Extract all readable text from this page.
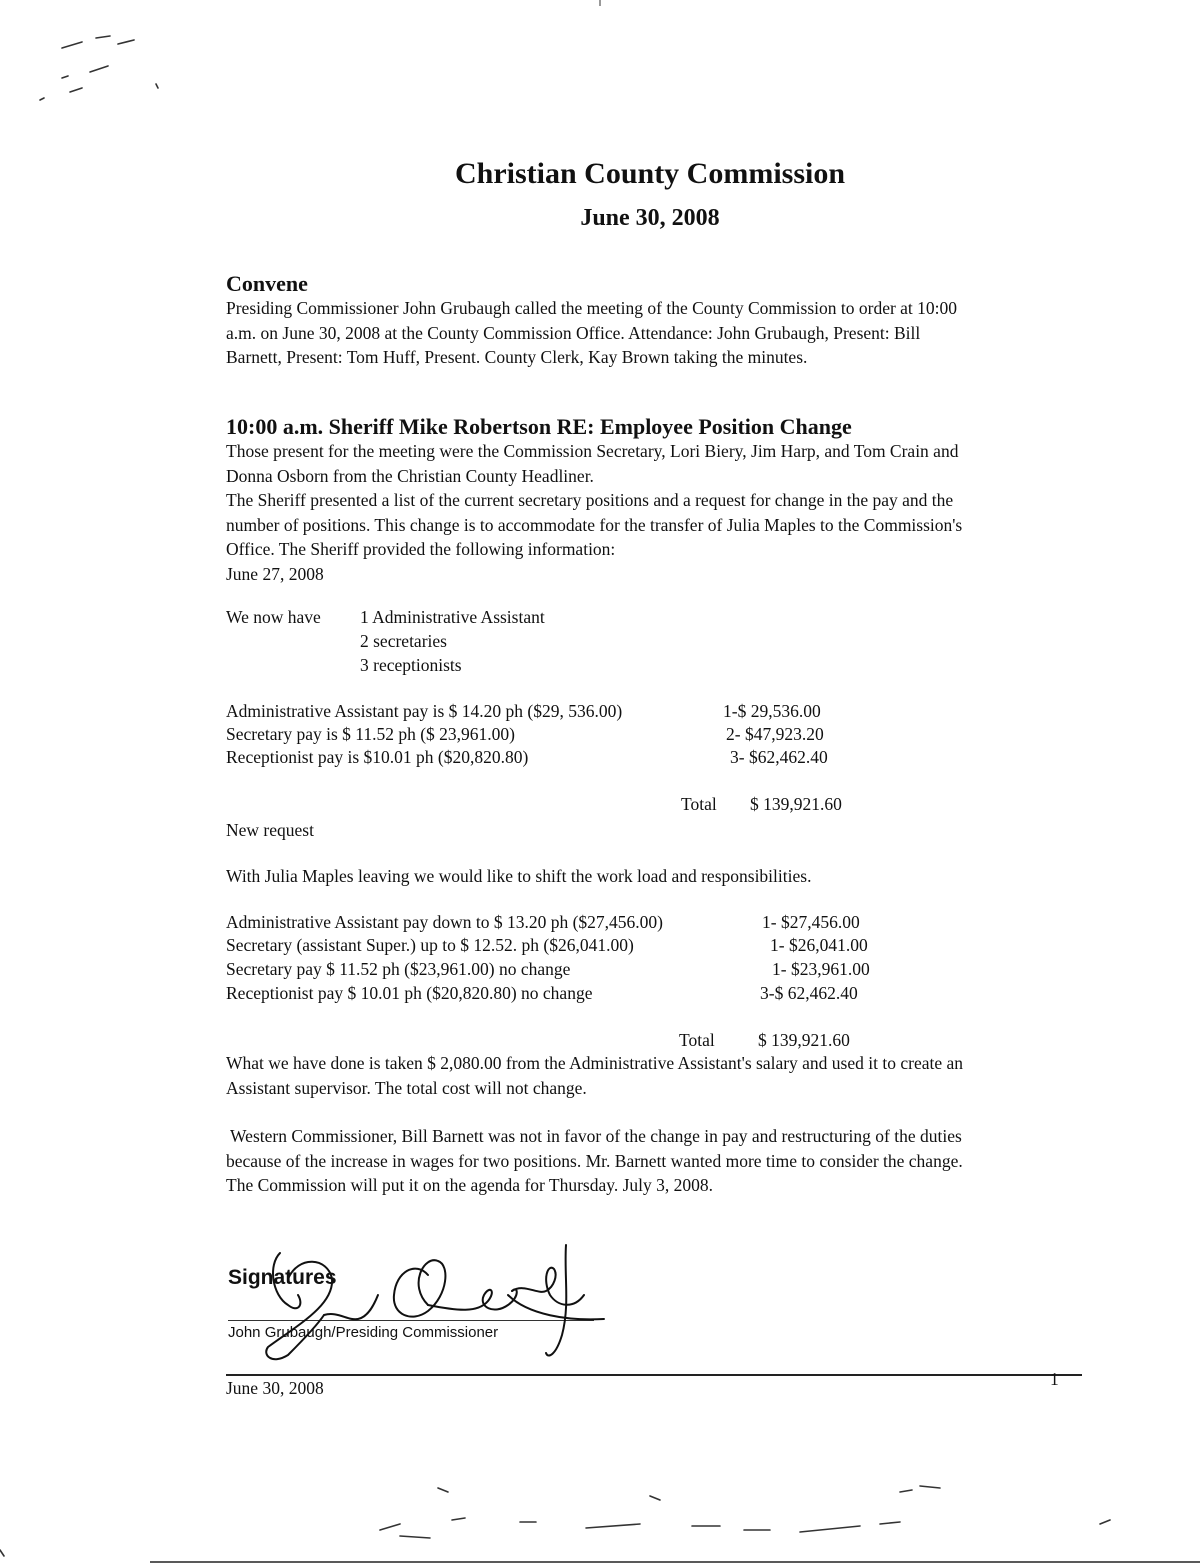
Christian County Commission
June 30, 2008
Convene
Presiding Commissioner John Grubaugh called the meeting of the County Commission to order at 10:00
a.m. on June 30, 2008 at the County Commission Office. Attendance: John Grubaugh, Present: Bill
Barnett, Present: Tom Huff, Present. County Clerk, Kay Brown taking the minutes.
10:00 a.m. Sheriff Mike Robertson RE: Employee Position Change
Those present for the meeting were the Commission Secretary, Lori Biery, Jim Harp, and Tom Crain and
Donna Osborn from the Christian County Headliner.
The Sheriff presented a list of the current secretary positions and a request for change in the pay and the
number of positions. This change is to accommodate for the transfer of Julia Maples to the Commission's
Office. The Sheriff provided the following information:
June 27, 2008
We now have 1 Administrative Assistant
2 secretaries
3 receptionists
Administrative Assistant pay is $ 14.20 ph ($29, 536.00)	1-$ 29,536.00
Secretary pay is $ 11.52 ph ($ 23,961.00)	2- $47,923.20
Receptionist pay is $10.01 ph ($20,820.80)	3- $62,462.40
Total $ 139,921.60
New request
With Julia Maples leaving we would like to shift the work load and responsibilities.
Administrative Assistant pay down to $ 13.20 ph ($27,456.00)	1- $27,456.00
Secretary (assistant Super.) up to $ 12.52. ph ($26,041.00)	1- $26,041.00
Secretary pay $ 11.52 ph ($23,961.00) no change	1- $23,961.00
Receptionist pay $ 10.01 ph ($20,820.80) no change	3-$ 62,462.40
Total $ 139,921.60
What we have done is taken $ 2,080.00 from the Administrative Assistant's salary and used it to create an
Assistant supervisor. The total cost will not change.
Western Commissioner, Bill Barnett was not in favor of the change in pay and restructuring of the duties
because of the increase in wages for two positions. Mr. Barnett wanted more time to consider the change.
The Commission will put it on the agenda for Thursday. July 3, 2008.
Signatures
John Grubaugh/Presiding Commissioner
June 30, 2008	1
